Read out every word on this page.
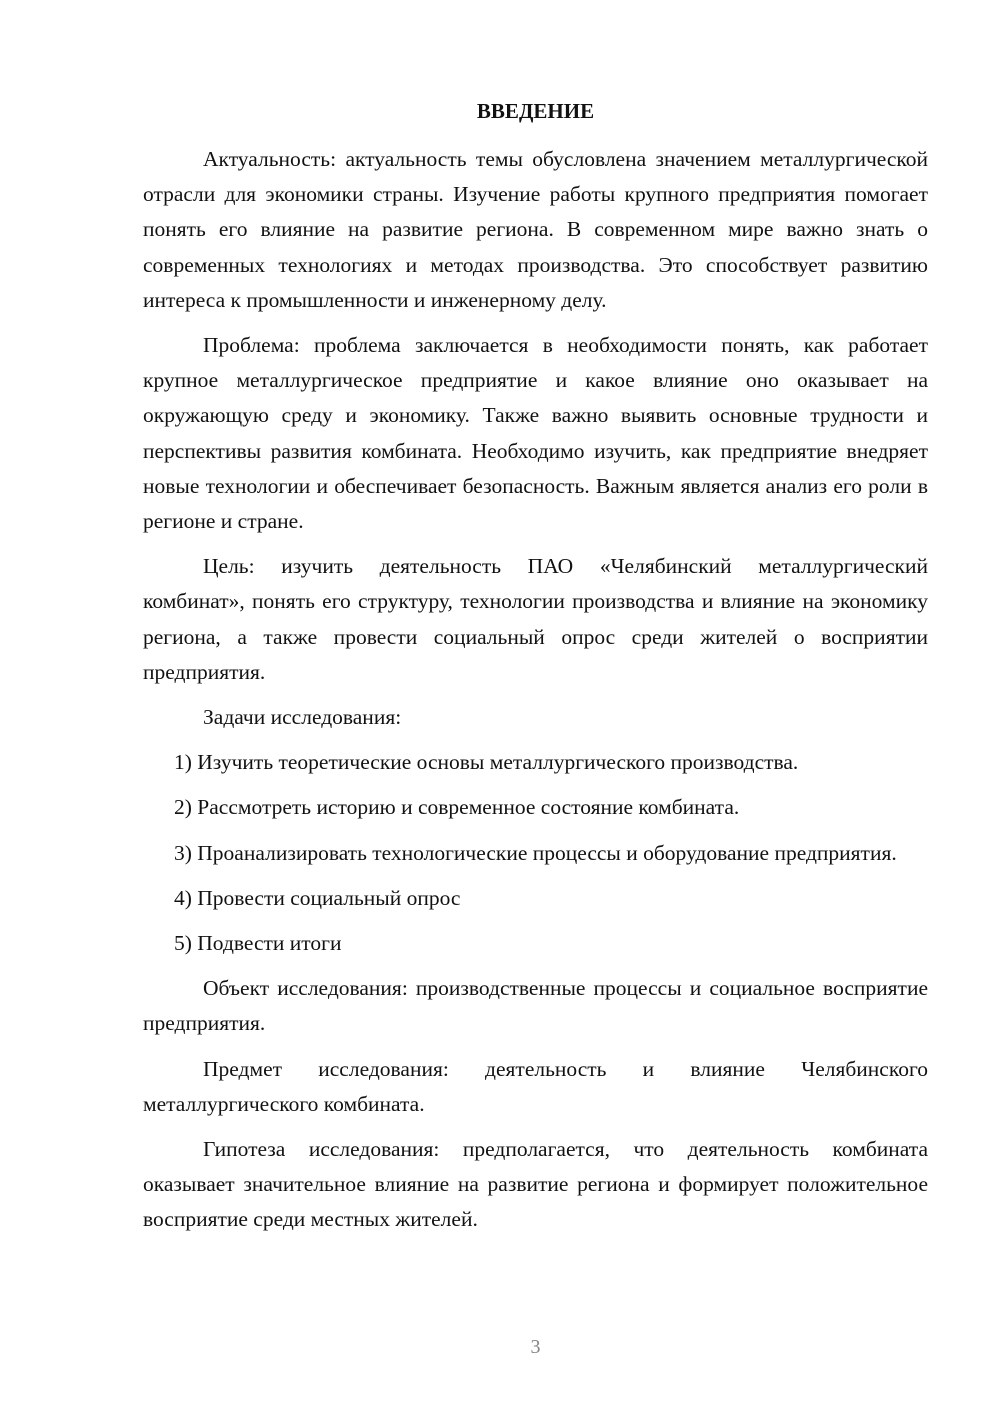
ВВЕДЕНИЕ

Актуальность: актуальность темы обусловлена значением металлургической отрасли для экономики страны. Изучение работы крупного предприятия помогает понять его влияние на развитие региона. В современном мире важно знать о современных технологиях и методах производства. Это способствует развитию интереса к промышленности и инженерному делу.

Проблема: проблема заключается в необходимости понять, как работает крупное металлургическое предприятие и какое влияние оно оказывает на окружающую среду и экономику. Также важно выявить основные трудности и перспективы развития комбината. Необходимо изучить, как предприятие внедряет новые технологии и обеспечивает безопасность. Важным является анализ его роли в регионе и стране.

Цель: изучить деятельность ПАО «Челябинский металлургический комбинат», понять его структуру, технологии производства и влияние на экономику региона, а также провести социальный опрос среди жителей о восприятии предприятия.

Задачи исследования:

1) Изучить теоретические основы металлургического производства.

2) Рассмотреть историю и современное состояние комбината.

3) Проанализировать технологические процессы и оборудование предприятия.

4) Провести социальный опрос

5) Подвести итоги

Объект исследования: производственные процессы и социальное восприятие предприятия.

Предмет исследования: деятельность и влияние Челябинского металлургического комбината.

Гипотеза исследования: предполагается, что деятельность комбината оказывает значительное влияние на развитие региона и формирует положительное восприятие среди местных жителей.

3
